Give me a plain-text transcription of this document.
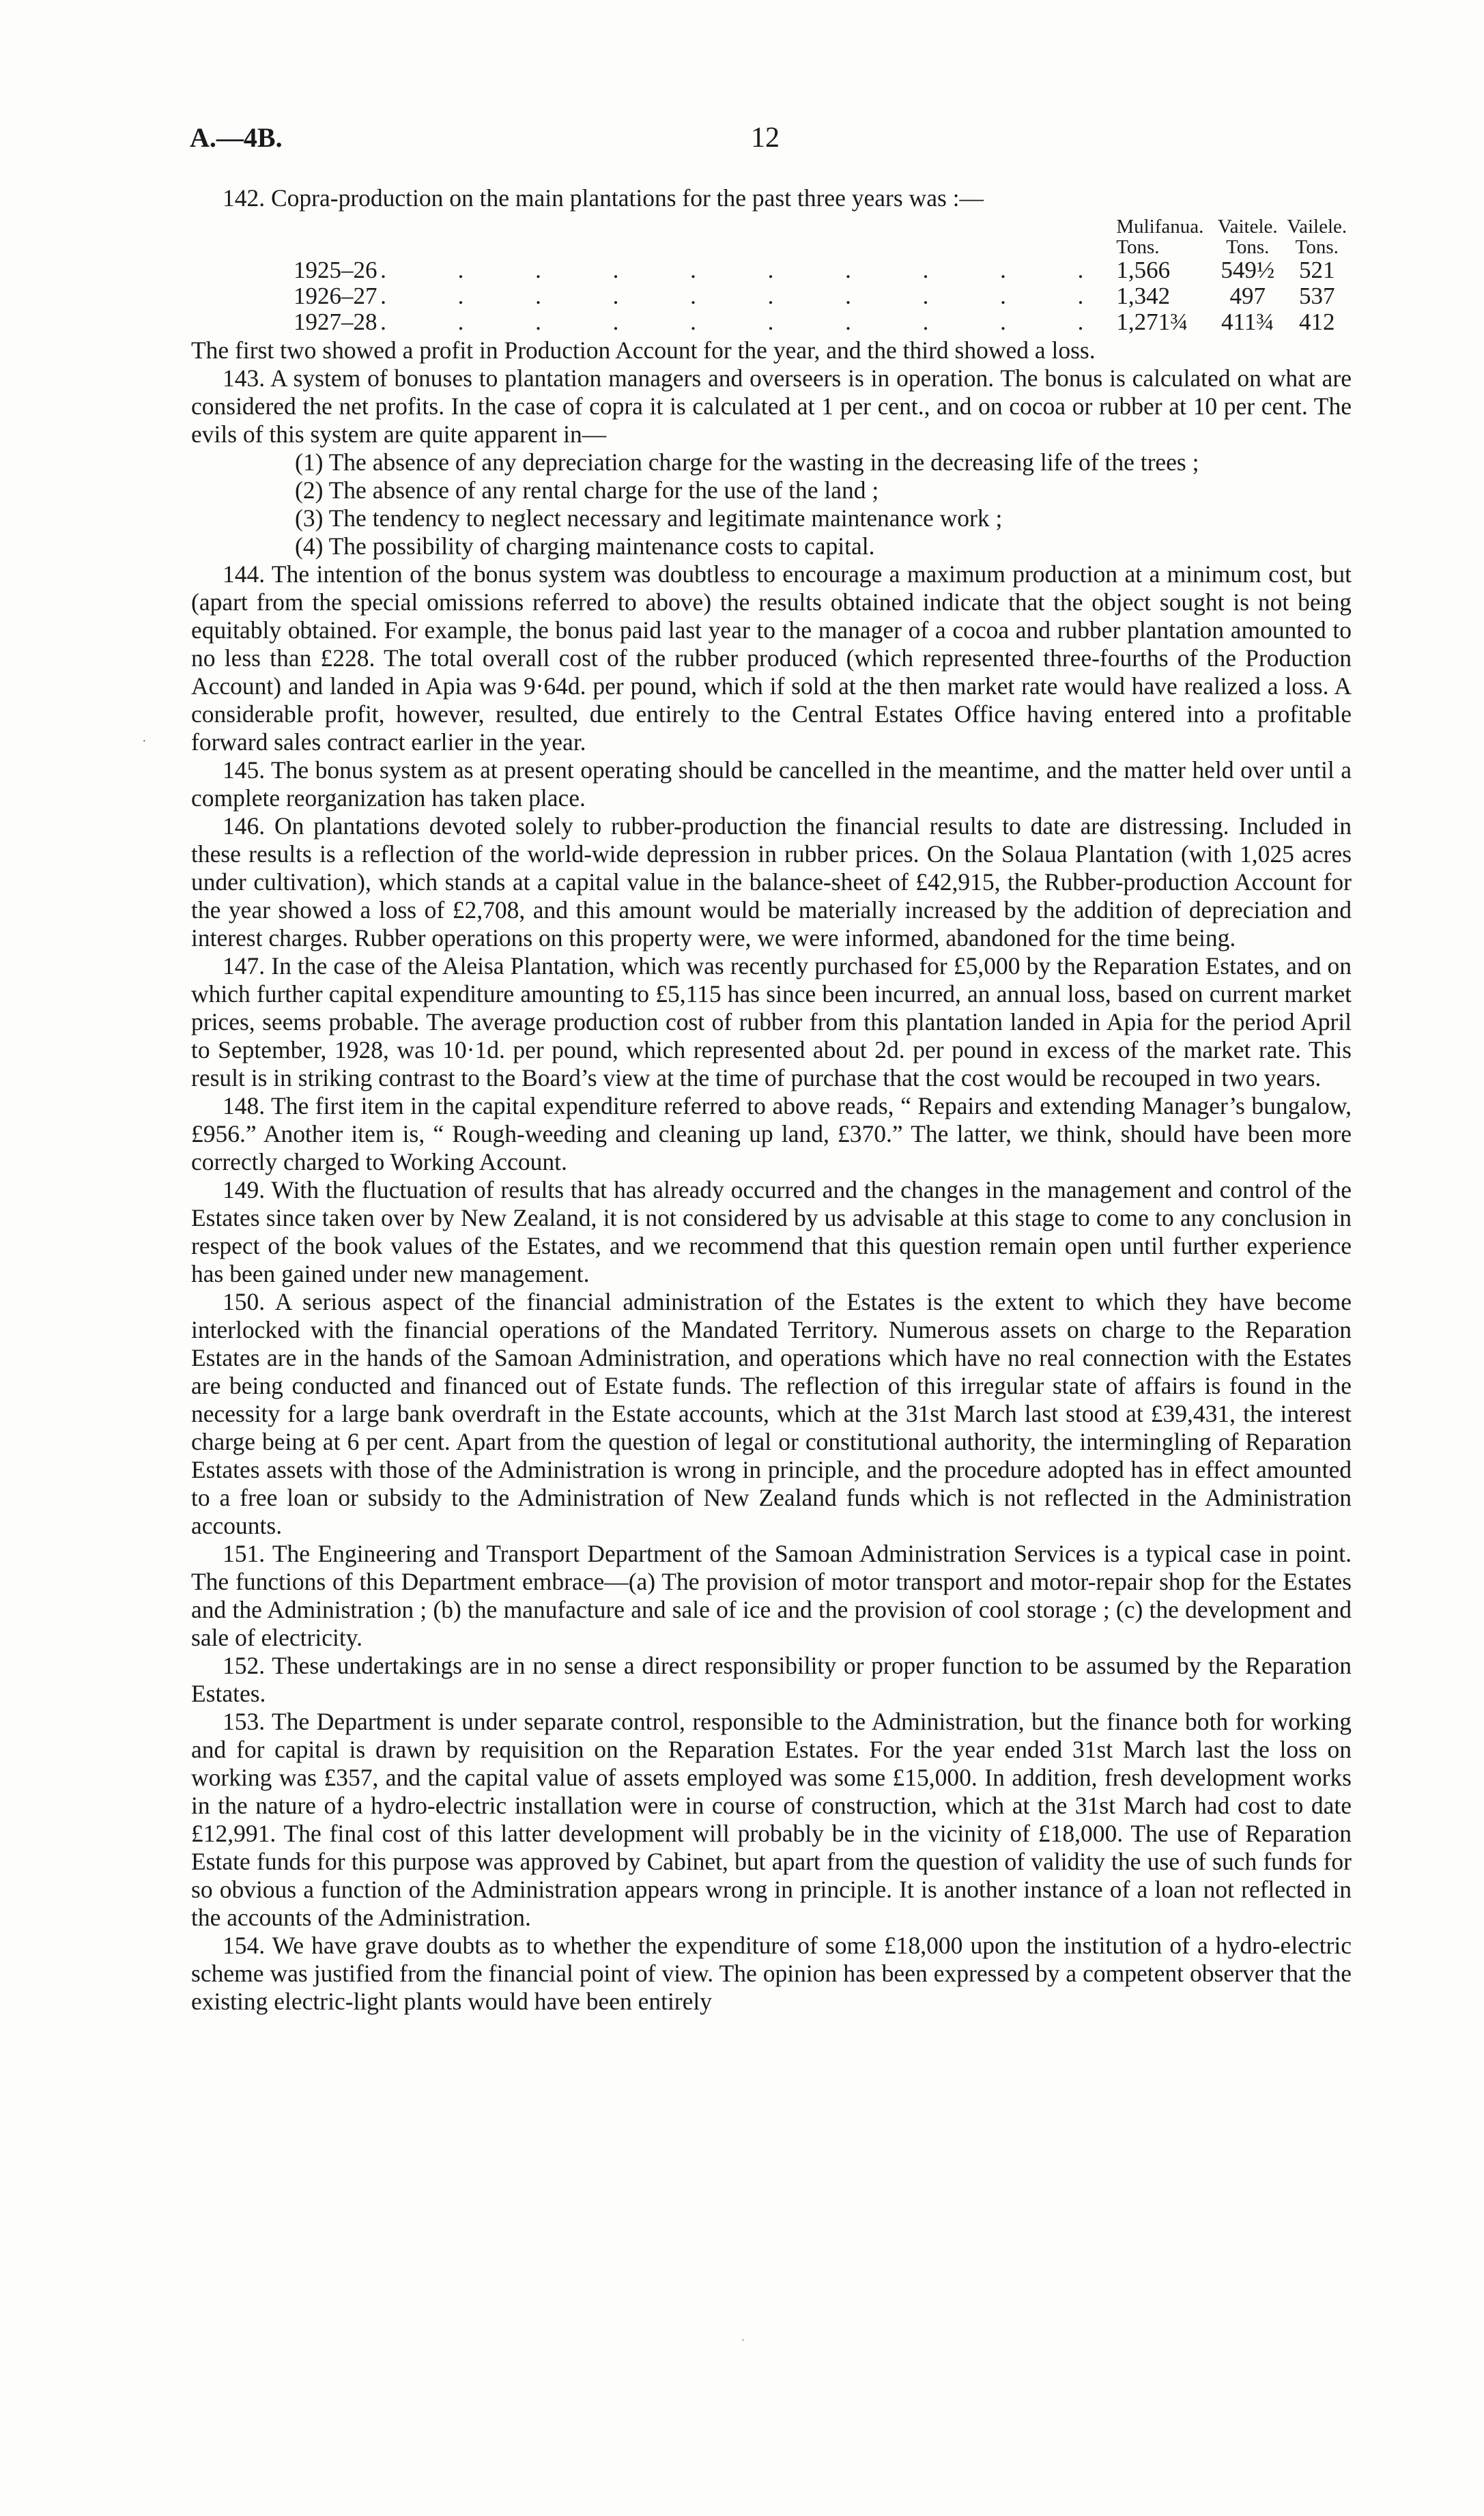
A.—4B.	12
·

142. Copra-production on the main plantations for the past three years was :—

		Mulifanua.	Vaitele.	Vailele.
		Tons.	Tons.	Tons.
1925–26	. . . . . . . . . .	1,566	549½	521
1926–27	. . . . . . . . . .	1,342	497	537
1927–28	. . . . . . . . . .	1,271¾	411¾	412

The first two showed a profit in Production Account for the year, and the third showed a loss.

143. A system of bonuses to plantation managers and overseers is in operation. The bonus is calculated on what are considered the net profits. In the case of copra it is calculated at 1 per cent., and on cocoa or rubber at 10 per cent. The evils of this system are quite apparent in—

(1) The absence of any depreciation charge for the wasting in the decreasing life of the trees ;
(2) The absence of any rental charge for the use of the land ;
(3) The tendency to neglect necessary and legitimate maintenance work ;
(4) The possibility of charging maintenance costs to capital.

144. The intention of the bonus system was doubtless to encourage a maximum production at a minimum cost, but (apart from the special omissions referred to above) the results obtained indicate that the object sought is not being equitably obtained. For example, the bonus paid last year to the manager of a cocoa and rubber plantation amounted to no less than £228. The total overall cost of the rubber produced (which represented three-fourths of the Production Account) and landed in Apia was 9·64d. per pound, which if sold at the then market rate would have realized a loss. A considerable profit, however, resulted, due entirely to the Central Estates Office having entered into a profitable forward sales contract earlier in the year.

145. The bonus system as at present operating should be cancelled in the meantime, and the matter held over until a complete reorganization has taken place.

146. On plantations devoted solely to rubber-production the financial results to date are distressing. Included in these results is a reflection of the world-wide depression in rubber prices. On the Solaua Plantation (with 1,025 acres under cultivation), which stands at a capital value in the balance-sheet of £42,915, the Rubber-production Account for the year showed a loss of £2,708, and this amount would be materially increased by the addition of depreciation and interest charges. Rubber operations on this property were, we were informed, abandoned for the time being.

147. In the case of the Aleisa Plantation, which was recently purchased for £5,000 by the Reparation Estates, and on which further capital expenditure amounting to £5,115 has since been incurred, an annual loss, based on current market prices, seems probable. The average production cost of rubber from this plantation landed in Apia for the period April to September, 1928, was 10·1d. per pound, which represented about 2d. per pound in excess of the market rate. This result is in striking contrast to the Board’s view at the time of purchase that the cost would be recouped in two years.

148. The first item in the capital expenditure referred to above reads, “ Repairs and extending Manager’s bungalow, £956.” Another item is, “ Rough-weeding and cleaning up land, £370.” The latter, we think, should have been more correctly charged to Working Account.

149. With the fluctuation of results that has already occurred and the changes in the management and control of the Estates since taken over by New Zealand, it is not considered by us advisable at this stage to come to any conclusion in respect of the book values of the Estates, and we recommend that this question remain open until further experience has been gained under new management.

150. A serious aspect of the financial administration of the Estates is the extent to which they have become interlocked with the financial operations of the Mandated Territory. Numerous assets on charge to the Reparation Estates are in the hands of the Samoan Administration, and operations which have no real connection with the Estates are being conducted and financed out of Estate funds. The reflection of this irregular state of affairs is found in the necessity for a large bank overdraft in the Estate accounts, which at the 31st March last stood at £39,431, the interest charge being at 6 per cent. Apart from the question of legal or constitutional authority, the intermingling of Reparation Estates assets with those of the Administration is wrong in principle, and the procedure adopted has in effect amounted to a free loan or subsidy to the Administration of New Zealand funds which is not reflected in the Administration accounts.

151. The Engineering and Transport Department of the Samoan Administration Services is a typical case in point. The functions of this Department embrace—(a) The provision of motor transport and motor-repair shop for the Estates and the Administration ; (b) the manufacture and sale of ice and the provision of cool storage ; (c) the development and sale of electricity.

152. These undertakings are in no sense a direct responsibility or proper function to be assumed by the Reparation Estates.

153. The Department is under separate control, responsible to the Administration, but the finance both for working and for capital is drawn by requisition on the Reparation Estates. For the year ended 31st March last the loss on working was £357, and the capital value of assets employed was some £15,000. In addition, fresh development works in the nature of a hydro-electric installation were in course of construction, which at the 31st March had cost to date £12,991. The final cost of this latter development will probably be in the vicinity of £18,000. The use of Reparation Estate funds for this purpose was approved by Cabinet, but apart from the question of validity the use of such funds for so obvious a function of the Administration appears wrong in principle. It is another instance of a loan not reflected in the accounts of the Administration.

154. We have grave doubts as to whether the expenditure of some £18,000 upon the institution of a hydro-electric scheme was justified from the financial point of view. The opinion has been expressed by a competent observer that the existing electric-light plants would have been entirely

·
